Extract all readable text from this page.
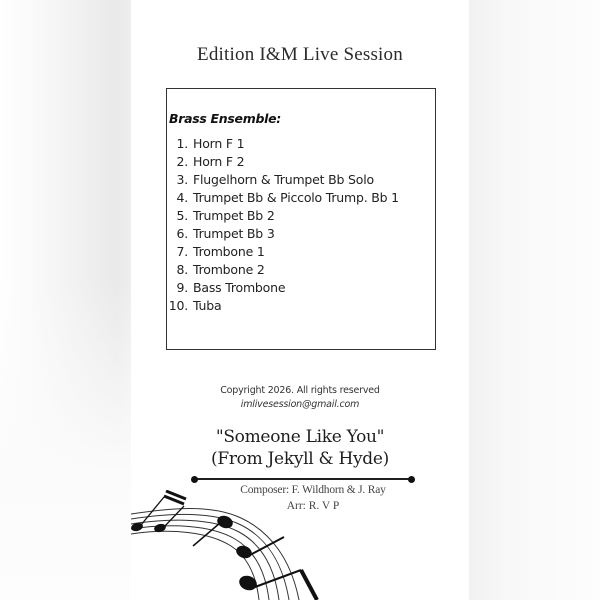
Edition I&M Live Session
Brass Ensemble:
1. Horn F 1
2. Horn F 2
3. Flugelhorn & Trumpet Bb Solo
4. Trumpet Bb & Piccolo Trump. Bb 1
5. Trumpet Bb 2
6. Trumpet Bb 3
7. Trombone 1
8. Trombone 2
9. Bass Trombone
10. Tuba
Copyright 2026. All rights reserved
imlivesession@gmail.com
"Someone Like You"
(From Jekyll & Hyde)
Composer: F. Wildhorn & J. Ray
Arr: R. V P
